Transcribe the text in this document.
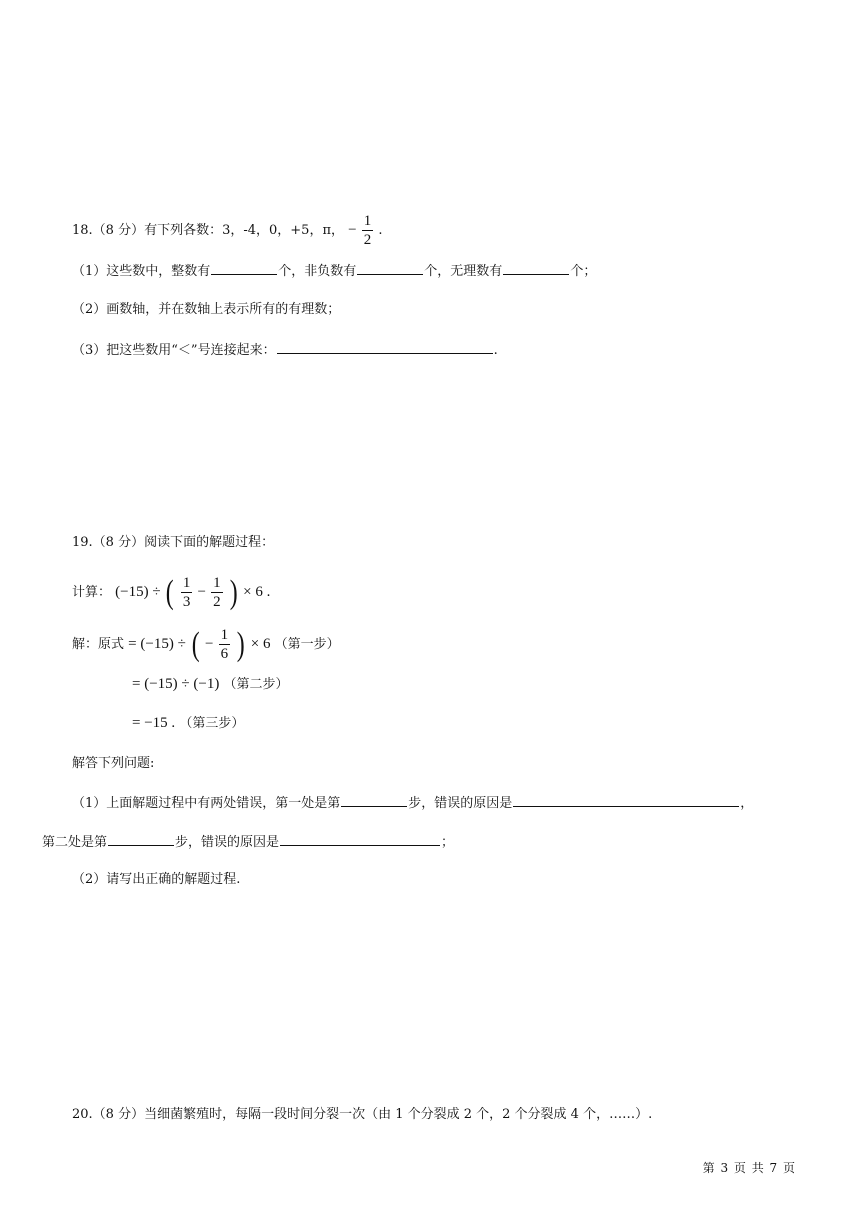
18.（8 分）有下列各数：3，-4，0，+5，π， − $\frac{1}{2}$ .
（1）这些数中，整数有	个，非负数有	个，无理数有	个；
（2）画数轴，并在数轴上表示所有的有理数；
（3）把这些数用“＜”号连接起来：	.
19.（8 分）阅读下面的解题过程：
计算： (−15) ÷ ( $\frac{1}{3} - \frac{1}{2}$ ) × 6 .
解：原式 = (−15) ÷ ( − $\frac{1}{6}$ ) × 6 （第一步）
= (−15) ÷ (−1) （第二步）
= −15 . （第三步）
解答下列问题:
（1）上面解题过程中有两处错误，第一处是第	步，错误的原因是	，
第二处是第	步，错误的原因是	；
（2）请写出正确的解题过程.
20.（8 分）当细菌繁殖时，每隔一段时间分裂一次（由 1 个分裂成 2 个，2 个分裂成 4 个，……）.
第 3 页 共 7 页
